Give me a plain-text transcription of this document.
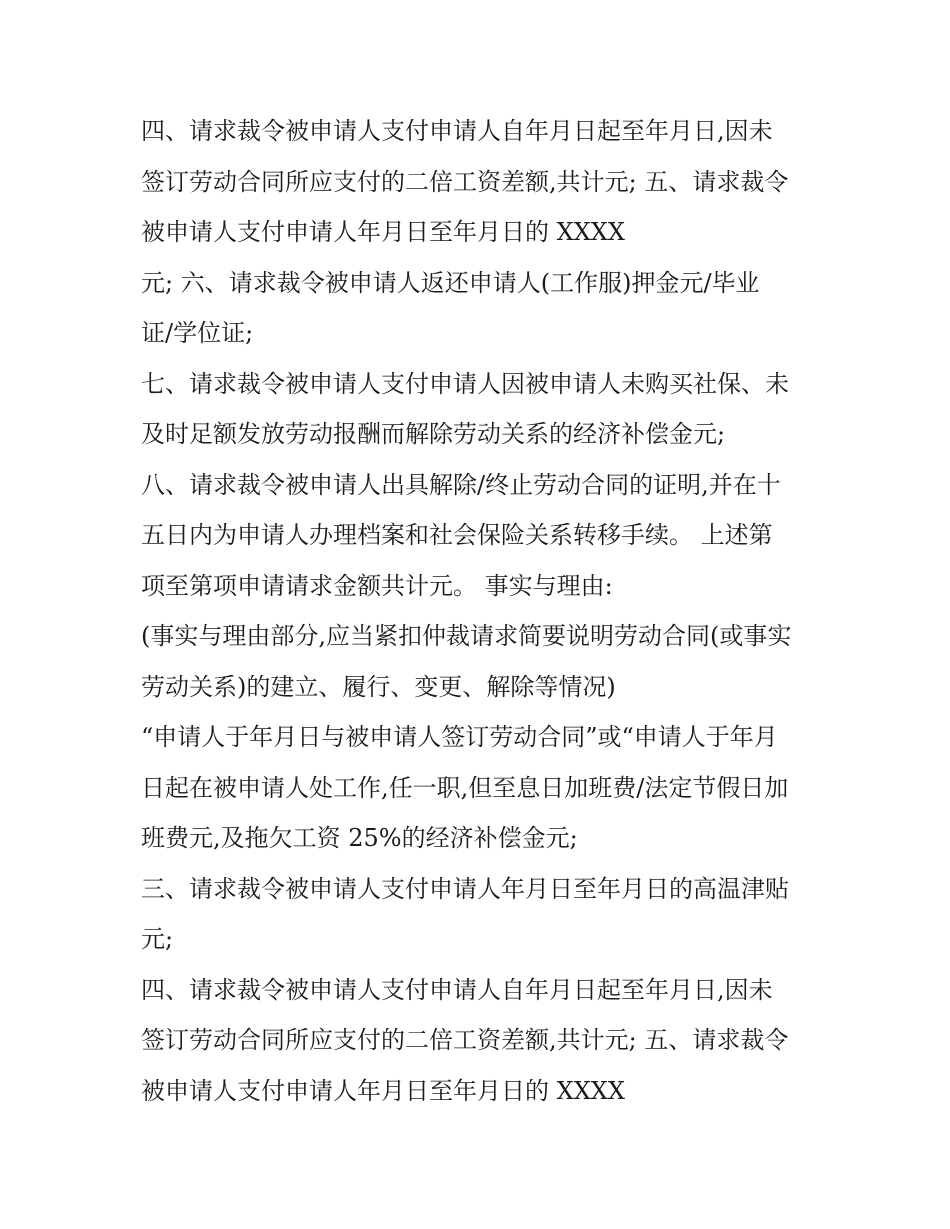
四、请求裁令被申请人支付申请人自年月日起至年月日,因未
签订劳动合同所应支付的二倍工资差额,共计元; 五、请求裁令
被申请人支付申请人年月日至年月日的 XXXX
元; 六、请求裁令被申请人返还申请人(工作服)押金元/毕业
证/学位证;
七、请求裁令被申请人支付申请人因被申请人未购买社保、未
及时足额发放劳动报酬而解除劳动关系的经济补偿金元;
八、请求裁令被申请人出具解除/终止劳动合同的证明,并在十
五日内为申请人办理档案和社会保险关系转移手续。 上述第
项至第项申请请求金额共计元。 事实与理由:
(事实与理由部分,应当紧扣仲裁请求简要说明劳动合同(或事实
劳动关系)的建立、履行、变更、解除等情况)
“申请人于年月日与被申请人签订劳动合同”或“申请人于年月
日起在被申请人处工作,任一职,但至息日加班费/法定节假日加
班费元,及拖欠工资 25%的经济补偿金元;
三、请求裁令被申请人支付申请人年月日至年月日的高温津贴
元;
四、请求裁令被申请人支付申请人自年月日起至年月日,因未
签订劳动合同所应支付的二倍工资差额,共计元; 五、请求裁令
被申请人支付申请人年月日至年月日的 XXXX
